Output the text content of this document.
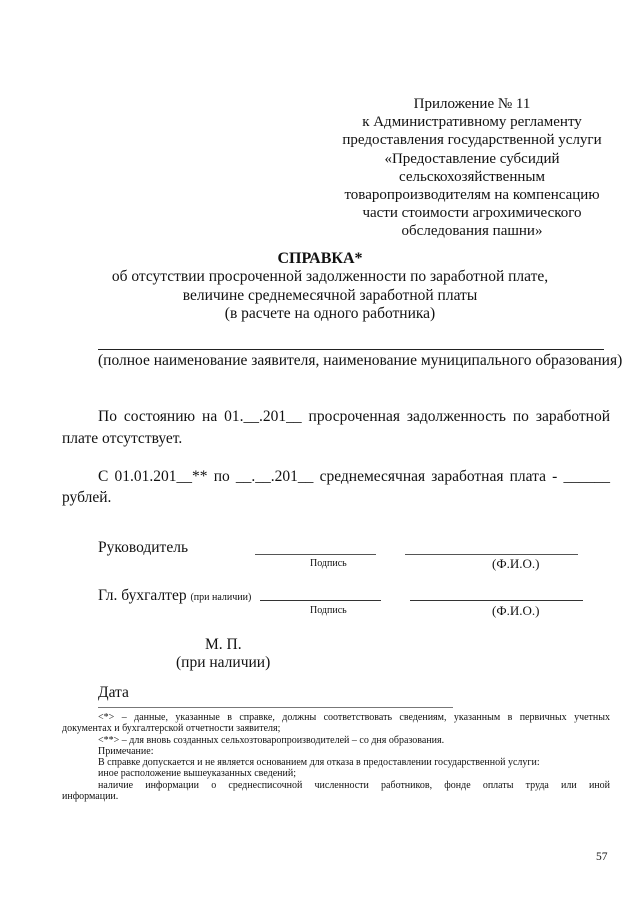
Приложение № 11
к Административному регламенту
предоставления государственной услуги
«Предоставление субсидий
сельскохозяйственным
товаропроизводителям на компенсацию
части стоимости агрохимического
обследования пашни»
СПРАВКА*
об отсутствии просроченной задолженности по заработной плате,
величине среднемесячной заработной платы
(в расчете на одного работника)
(полное наименование заявителя, наименование муниципального образования)
По состоянию на 01.__.201__ просроченная задолженность по заработной
плате отсутствует.
С 01.01.201__** по __.__.201__ среднемесячная заработная плата - ______
рублей.
Руководитель
Подпись	(Ф.И.О.)
Гл. бухгалтер (при наличии)
Подпись	(Ф.И.О.)
М. П.
(при наличии)
Дата

<*> – данные, указанные в справке, должны соответствовать сведениям, указанным в первичных учетных

документах и бухгалтерской отчетности заявителя;

<**> – для вновь созданных сельхозтоваропроизводителей – со дня образования.

Примечание:

В справке допускается и не является основанием для отказа в предоставлении государственной услуги:

иное расположение вышеуказанных сведений;

наличие информации о среднесписочной численности работников, фонде оплаты труда или иной

информации.

57
